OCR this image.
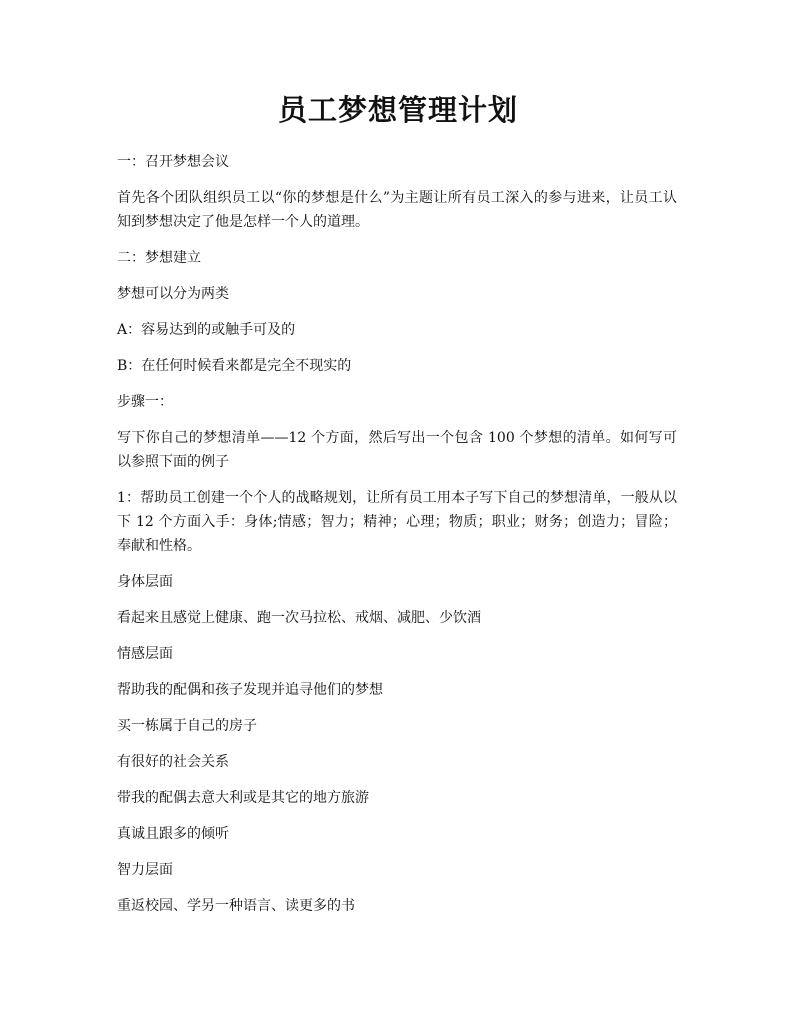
员工梦想管理计划

一：召开梦想会议

首先各个团队组织员工以“你的梦想是什么”为主题让所有员工深入的参与进来，让员工认知到梦想决定了他是怎样一个人的道理。

二：梦想建立

梦想可以分为两类

A：容易达到的或触手可及的

B：在任何时候看来都是完全不现实的

步骤一：

写下你自己的梦想清单——12 个方面，然后写出一个包含 100 个梦想的清单。如何写可以参照下面的例子

1：帮助员工创建一个个人的战略规划，让所有员工用本子写下自己的梦想清单，一般从以下 12 个方面入手：身体;情感；智力；精神；心理；物质；职业；财务；创造力；冒险；奉献和性格。

身体层面

看起来且感觉上健康、跑一次马拉松、戒烟、减肥、少饮酒

情感层面

帮助我的配偶和孩子发现并追寻他们的梦想

买一栋属于自己的房子

有很好的社会关系

带我的配偶去意大利或是其它的地方旅游

真诚且跟多的倾听

智力层面

重返校园、学另一种语言、读更多的书
